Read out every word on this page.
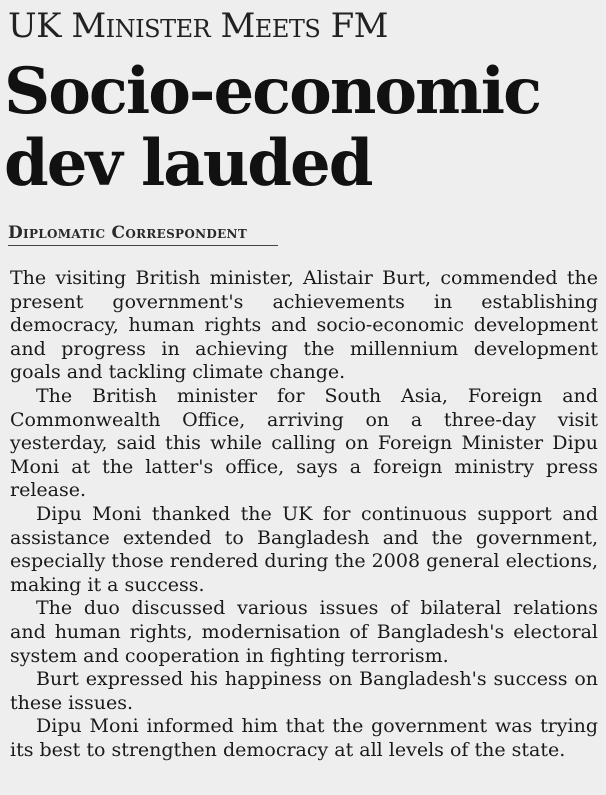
UK Minister Meets FM
Socio-economic
dev lauded
Diplomatic Correspondent

The visiting British minister, Alistair Burt, commended the present government's achievements in establishing democracy, human rights and socio-economic development and progress in achieving the millennium development goals and tackling climate change.

The British minister for South Asia, Foreign and Commonwealth Office, arriving on a three-day visit yesterday, said this while calling on Foreign Minister Dipu Moni at the latter's office, says a foreign ministry press release.

Dipu Moni thanked the UK for continuous support and assistance extended to Bangladesh and the government, especially those rendered during the 2008 general elections, making it a success.

The duo discussed various issues of bilateral relations and human rights, modernisation of Bangladesh's electoral system and cooperation in fighting terrorism.

Burt expressed his happiness on Bangladesh's success on these issues.

Dipu Moni informed him that the government was trying its best to strengthen democracy at all levels of the state.
